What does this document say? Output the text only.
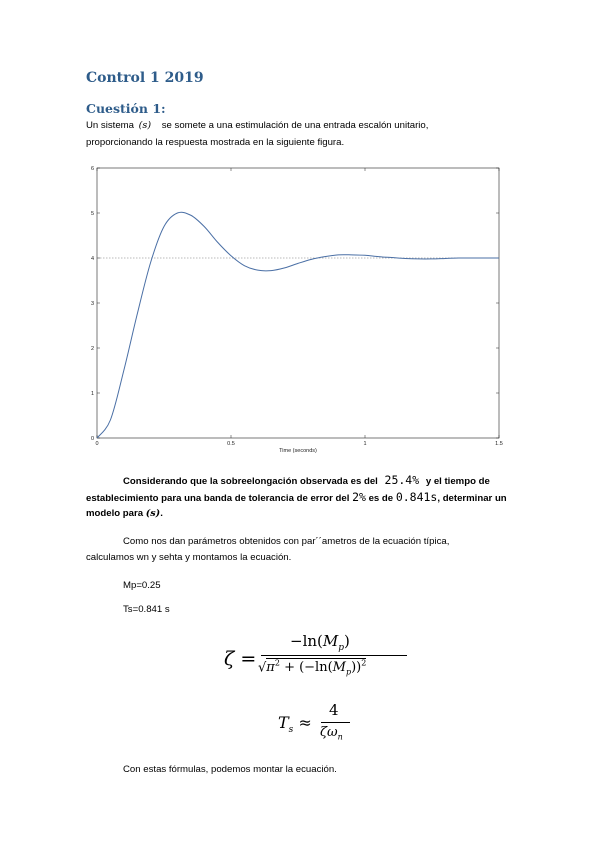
Control 1 2019
Cuestión 1:
Un sistema (s) se somete a una estimulación de una entrada escalón unitario,
proporcionando la respuesta mostrada en la siguiente figura.
0	0.5	1	1.5
0
1
2
3
4
5
6
Time (seconds)
Considerando que la sobreelongación observada es del 25.4% y el tiempo de
establecimiento para una banda de tolerancia de error del 2% es de 0.841s, determinar un
modelo para (s).
Como nos dan parámetros obtenidos con par´´ametros de la ecuación típica,
calculamos wn y sehta y montamos la ecuación.
Mp=0.25
Ts=0.841 s
ζ =
$-\ln(M_p)$
$√\pi^2 + (-\ln(M_p))^2$
$T_s$ ≈
4
$\zeta\omega_n$
Con estas fórmulas, podemos montar la ecuación.
